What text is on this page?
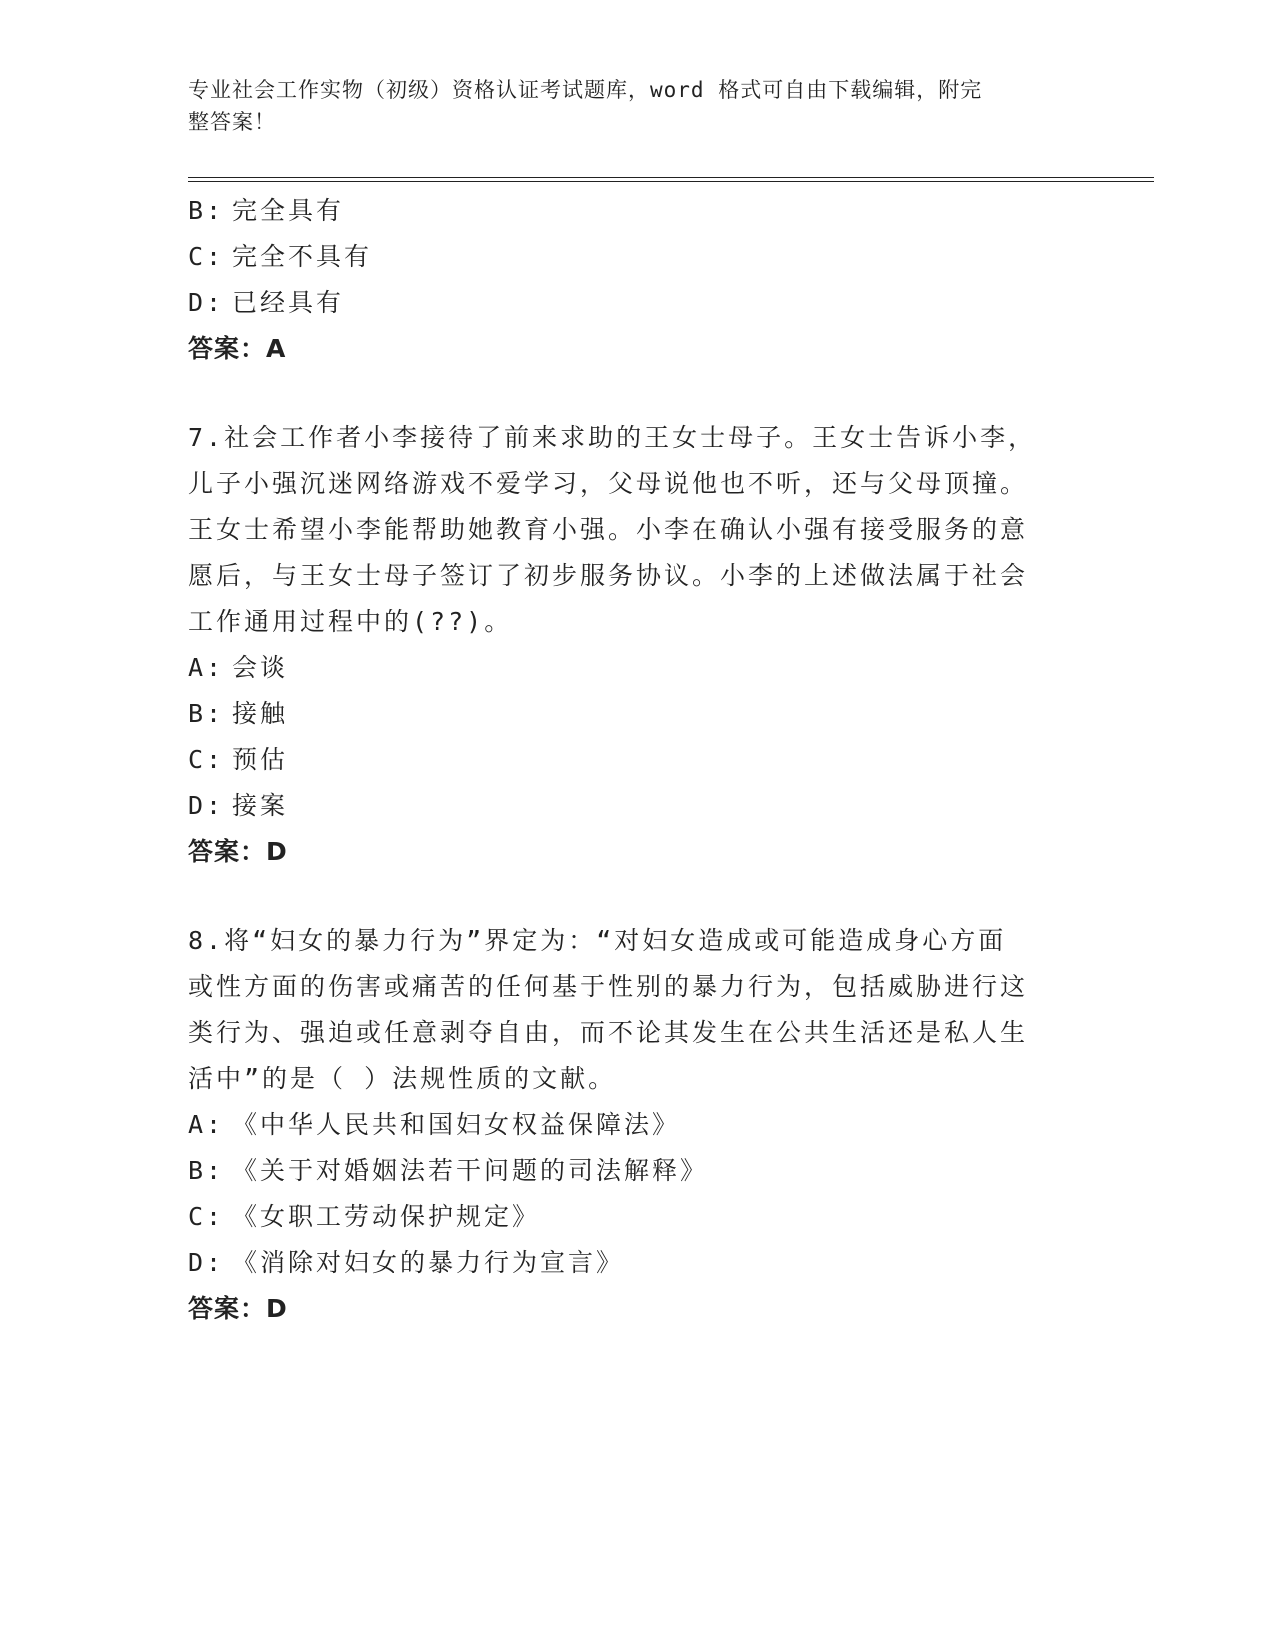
专业社会工作实物（初级）资格认证考试题库，word 格式可自由下载编辑，附完
整答案！
B: 完全具有
C: 完全不具有
D: 已经具有
答案：A
7.社会工作者小李接待了前来求助的王女士母子。王女士告诉小李，
儿子小强沉迷网络游戏不爱学习，父母说他也不听，还与父母顶撞。
王女士希望小李能帮助她教育小强。小李在确认小强有接受服务的意
愿后，与王女士母子签订了初步服务协议。小李的上述做法属于社会
工作通用过程中的(??)。
A: 会谈
B: 接触
C: 预估
D: 接案
答案：D
8.将“妇女的暴力行为”界定为：“对妇女造成或可能造成身心方面
或性方面的伤害或痛苦的任何基于性别的暴力行为，包括威胁进行这
类行为、强迫或任意剥夺自由，而不论其发生在公共生活还是私人生
活中”的是（ ）法规性质的文献。
A: 《中华人民共和国妇女权益保障法》
B: 《关于对婚姻法若干问题的司法解释》
C: 《女职工劳动保护规定》
D: 《消除对妇女的暴力行为宣言》
答案：D
